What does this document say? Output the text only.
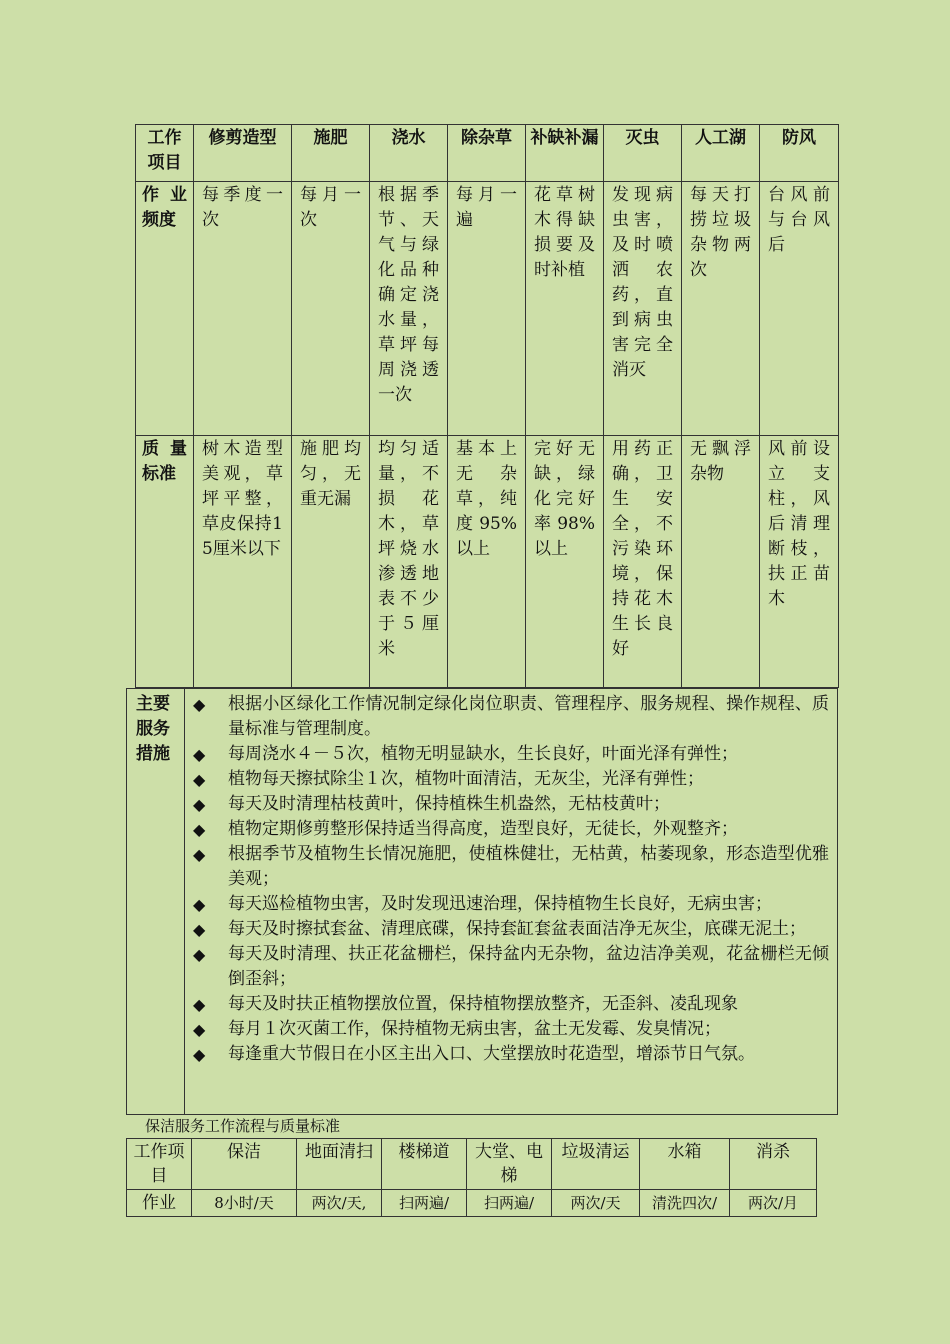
工作项目	修剪造型	施肥	浇水	除杂草	补缺补漏	灭虫	人工湖	防风
作业频度	每季度一次	每月一次	根据季节、天气与绿化品种确定浇水量，草坪每周浇透一次	每月一遍	花草树木得缺损要及时补植	发现病虫害，及时喷洒 农药，直到病虫害完全消灭	每天打捞垃圾杂物两次	台风前与台风后
质量标准	树木造型美观，草坪平整，草皮保持15厘米以下	施肥均匀，无重无漏	均匀适量，不损 花木，草坪烧水渗透地表不少于５厘米	基本上无 杂草，纯度95%以上	完好无缺，绿化完好率98%以上	用药正确，卫生 安全，不污染环境，保持花木生长良好	无飘浮杂物	风前设立 支柱，风后清理断枝，扶正苗木
主要服务措施
◆ 根据小区绿化工作情况制定绿化岗位职责、管理程序、服务规程、操作规程、质量标准与管理制度。
◆ 每周浇水４－５次，植物无明显缺水，生长良好，叶面光泽有弹性；
◆ 植物每天擦拭除尘１次，植物叶面清洁，无灰尘，光泽有弹性；
◆ 每天及时清理枯枝黄叶，保持植株生机盎然，无枯枝黄叶；
◆ 植物定期修剪整形保持适当得高度，造型良好，无徒长，外观整齐；
◆ 根据季节及植物生长情况施肥，使植株健壮，无枯黄，枯萎现象，形态造型优雅美观；
◆ 每天巡检植物虫害，及时发现迅速治理，保持植物生长良好，无病虫害；
◆ 每天及时擦拭套盆、清理底碟，保持套缸套盆表面洁净无灰尘，底碟无泥土；
◆ 每天及时清理、扶正花盆栅栏，保持盆内无杂物，盆边洁净美观，花盆栅栏无倾倒歪斜；
◆ 每天及时扶正植物摆放位置，保持植物摆放整齐，无歪斜、凌乱现象
◆ 每月１次灭菌工作，保持植物无病虫害，盆土无发霉、发臭情况；
◆ 每逢重大节假日在小区主出入口、大堂摆放时花造型，增添节日气氛。
保洁服务工作流程与质量标准
工作项目	保洁	地面清扫	楼梯道	大堂、电梯	垃圾清运	水箱	消杀
作业	8小时/天	两次/天,	扫两遍/	扫两遍/	两次/天	清洗四次/	两次/月
